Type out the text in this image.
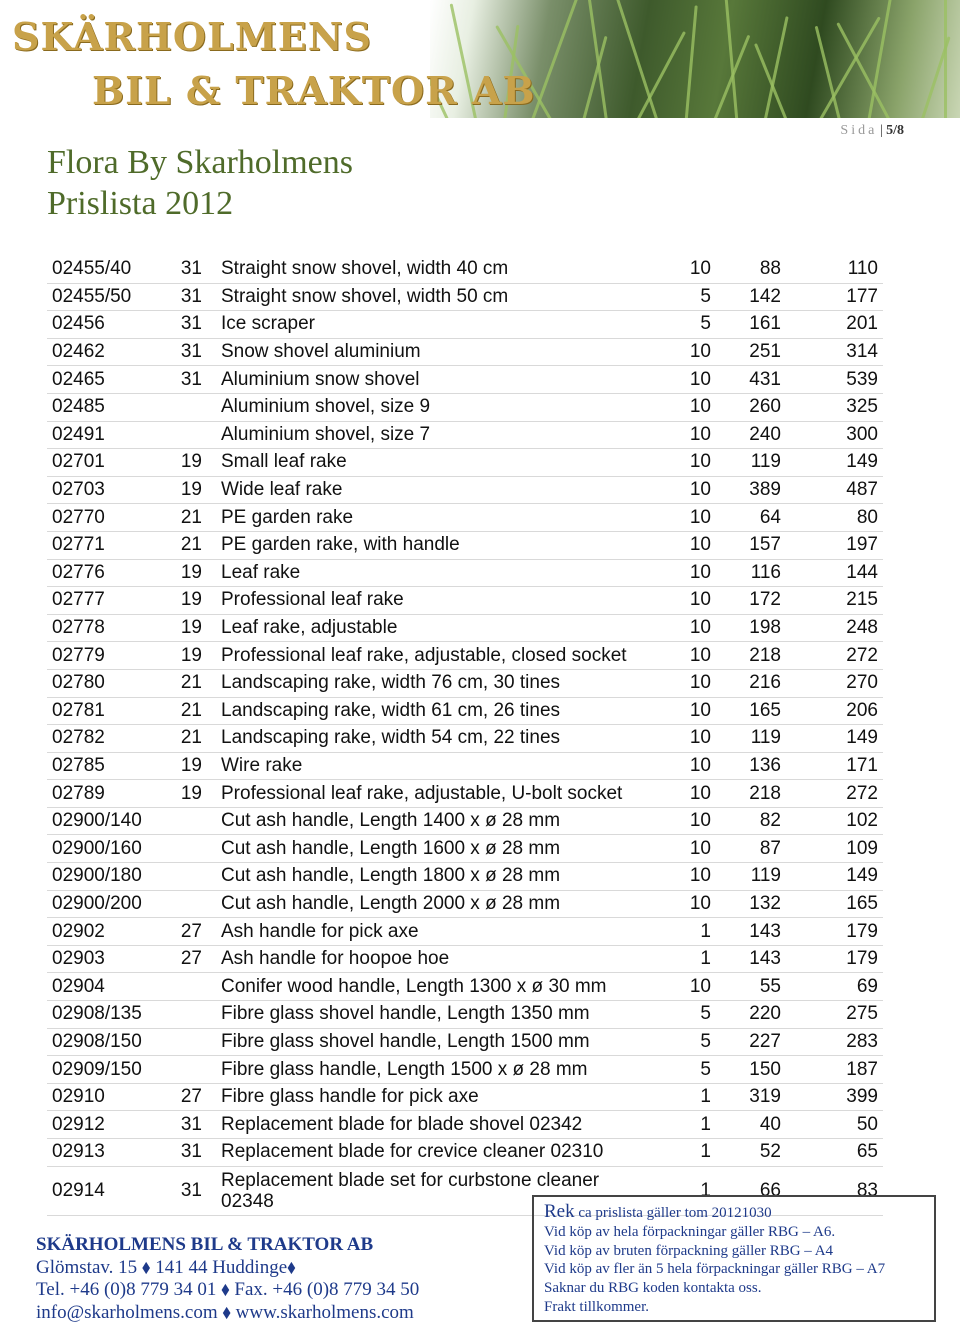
SKÄRHOLMENS
BIL & TRAKTOR AB
Sida | 5/8
Flora By Skarholmens
Prislista 2012
02455/40	31	Straight snow shovel, width 40 cm	10	88	110
02455/50	31	Straight snow shovel, width 50 cm	5	142	177
02456	31	Ice scraper	5	161	201
02462	31	Snow shovel aluminium	10	251	314
02465	31	Aluminium snow shovel	10	431	539
02485		Aluminium shovel, size 9	10	260	325
02491		Aluminium shovel, size 7	10	240	300
02701	19	Small leaf rake	10	119	149
02703	19	Wide leaf rake	10	389	487
02770	21	PE garden rake	10	64	80
02771	21	PE garden rake, with handle	10	157	197
02776	19	Leaf rake	10	116	144
02777	19	Professional leaf rake	10	172	215
02778	19	Leaf rake, adjustable	10	198	248
02779	19	Professional leaf rake, adjustable, closed socket	10	218	272
02780	21	Landscaping rake, width 76 cm, 30 tines	10	216	270
02781	21	Landscaping rake, width 61 cm, 26 tines	10	165	206
02782	21	Landscaping rake, width 54 cm, 22 tines	10	119	149
02785	19	Wire rake	10	136	171
02789	19	Professional leaf rake, adjustable, U-bolt socket	10	218	272
02900/140		Cut ash handle, Length 1400 x ø 28 mm	10	82	102
02900/160		Cut ash handle, Length 1600 x ø 28 mm	10	87	109
02900/180		Cut ash handle, Length 1800 x ø 28 mm	10	119	149
02900/200		Cut ash handle, Length 2000 x ø 28 mm	10	132	165
02902	27	Ash handle for pick axe	1	143	179
02903	27	Ash handle for hoopoe hoe	1	143	179
02904		Conifer wood handle, Length 1300 x ø 30 mm	10	55	69
02908/135		Fibre glass shovel handle, Length 1350 mm	5	220	275
02908/150		Fibre glass shovel handle, Length 1500 mm	5	227	283
02909/150		Fibre glass handle, Length 1500 x ø 28 mm	5	150	187
02910	27	Fibre glass handle for pick axe	1	319	399
02912	31	Replacement blade for blade shovel 02342	1	40	50
02913	31	Replacement blade for crevice cleaner 02310	1	52	65
02914	31	Replacement blade set for curbstone cleaner 02348	1	66	83
SKÄRHOLMENS BIL & TRAKTOR AB
Glömstav. 15 ⬧ 141 44 Huddinge⬧
Tel. +46 (0)8 779 34 01 ⬧ Fax. +46 (0)8 779 34 50
info@skarholmens.com ⬧ www.skarholmens.com
Rek ca prislista gäller tom 20121030
Vid köp av hela förpackningar gäller RBG – A6.
Vid köp av bruten förpackning gäller RBG – A4
Vid köp av fler än 5 hela förpackningar gäller RBG – A7
Saknar du RBG koden kontakta oss.
Frakt tillkommer.
